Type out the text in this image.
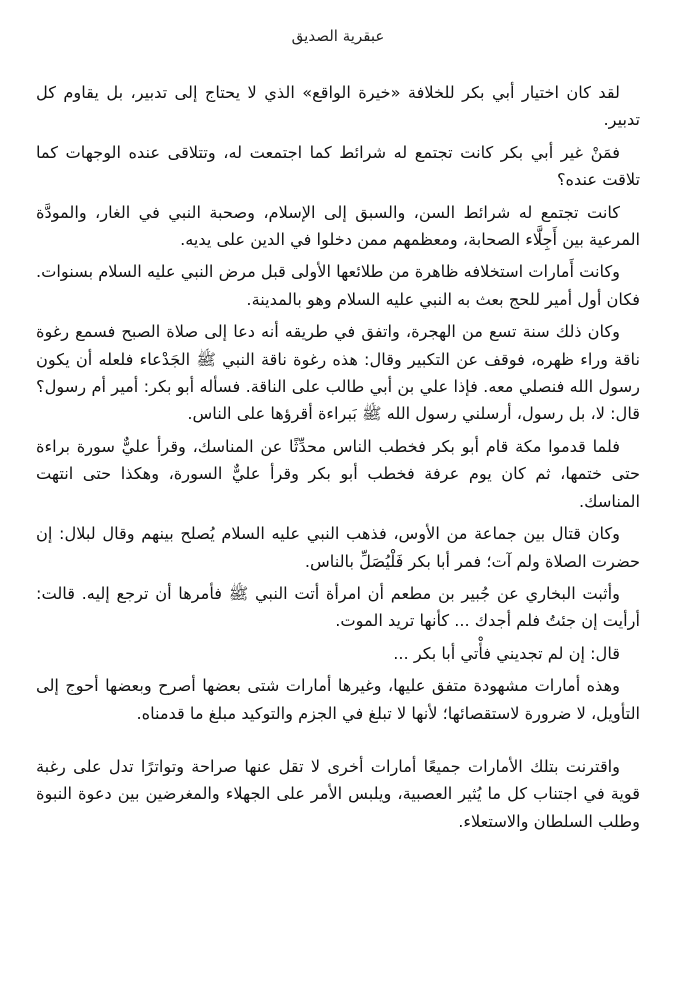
عبقرية الصديق

لقد كان اختيار أبي بكر للخلافة «خيرة الواقع» الذي لا يحتاج إلى تدبير، بل يقاوم كل تدبير.

فمَنْ غير أبي بكر كانت تجتمع له شرائط كما اجتمعت له، وتتلاقى عنده الوجهات كما تلاقت عنده؟

كانت تجتمع له شرائط السن، والسبق إلى الإسلام، وصحبة النبي في الغار، والمودَّة المرعية بين أَجِلَّاء الصحابة، ومعظمهم ممن دخلوا في الدين على يديه.

وكانت أَمارات استخلافه ظاهرة من طلائعها الأولى قبل مرض النبي عليه السلام بسنوات. فكان أول أمير للحج بعث به النبي عليه السلام وهو بالمدينة.

وكان ذلك سنة تسع من الهجرة، واتفق في طريقه أنه دعا إلى صلاة الصبح فسمع رغوة ناقة وراء ظهره، فوقف عن التكبير وقال: هذه رغوة ناقة النبي ﷺ الجَدْعاء فلعله أن يكون رسول الله فنصلي معه. فإذا علي بن أبي طالب على الناقة. فسأله أبو بكر: أمير أم رسول؟ قال: لا، بل رسول، أرسلني رسول الله ﷺ بَبراءة أقرؤها على الناس.

فلما قدموا مكة قام أبو بكر فخطب الناس محدِّثًا عن المناسك، وقرأ عليٌّ سورة براءة حتى ختمها، ثم كان يوم عرفة فخطب أبو بكر وقرأ عليٌّ السورة، وهكذا حتى انتهت المناسك.

وكان قتال بين جماعة من الأوس، فذهب النبي عليه السلام يُصلح بينهم وقال لبلال: إن حضرت الصلاة ولم آت؛ فمر أبا بكر فَلْيُصَلِّ بالناس.

وأثبت البخاري عن جُبير بن مطعم أن امرأة أتت النبي ﷺ فأمرها أن ترجع إليه. قالت: أرأيت إن جئتُ فلم أجدك ... كأنها تريد الموت.

قال: إن لم تجديني فأْتي أبا بكر ...

وهذه أمارات مشهودة متفق عليها، وغيرها أمارات شتى بعضها أصرح وبعضها أحوج إلى التأويل، لا ضرورة لاستقصائها؛ لأنها لا تبلغ في الجزم والتوكيد مبلغ ما قدمناه.

واقترنت بتلك الأمارات جميعًا أمارات أخرى لا تقل عنها صراحة وتواترًا تدل على رغبة قوية في اجتناب كل ما يُثير العصبية، ويلبس الأمر على الجهلاء والمغرضين بين دعوة النبوة وطلب السلطان والاستعلاء.
